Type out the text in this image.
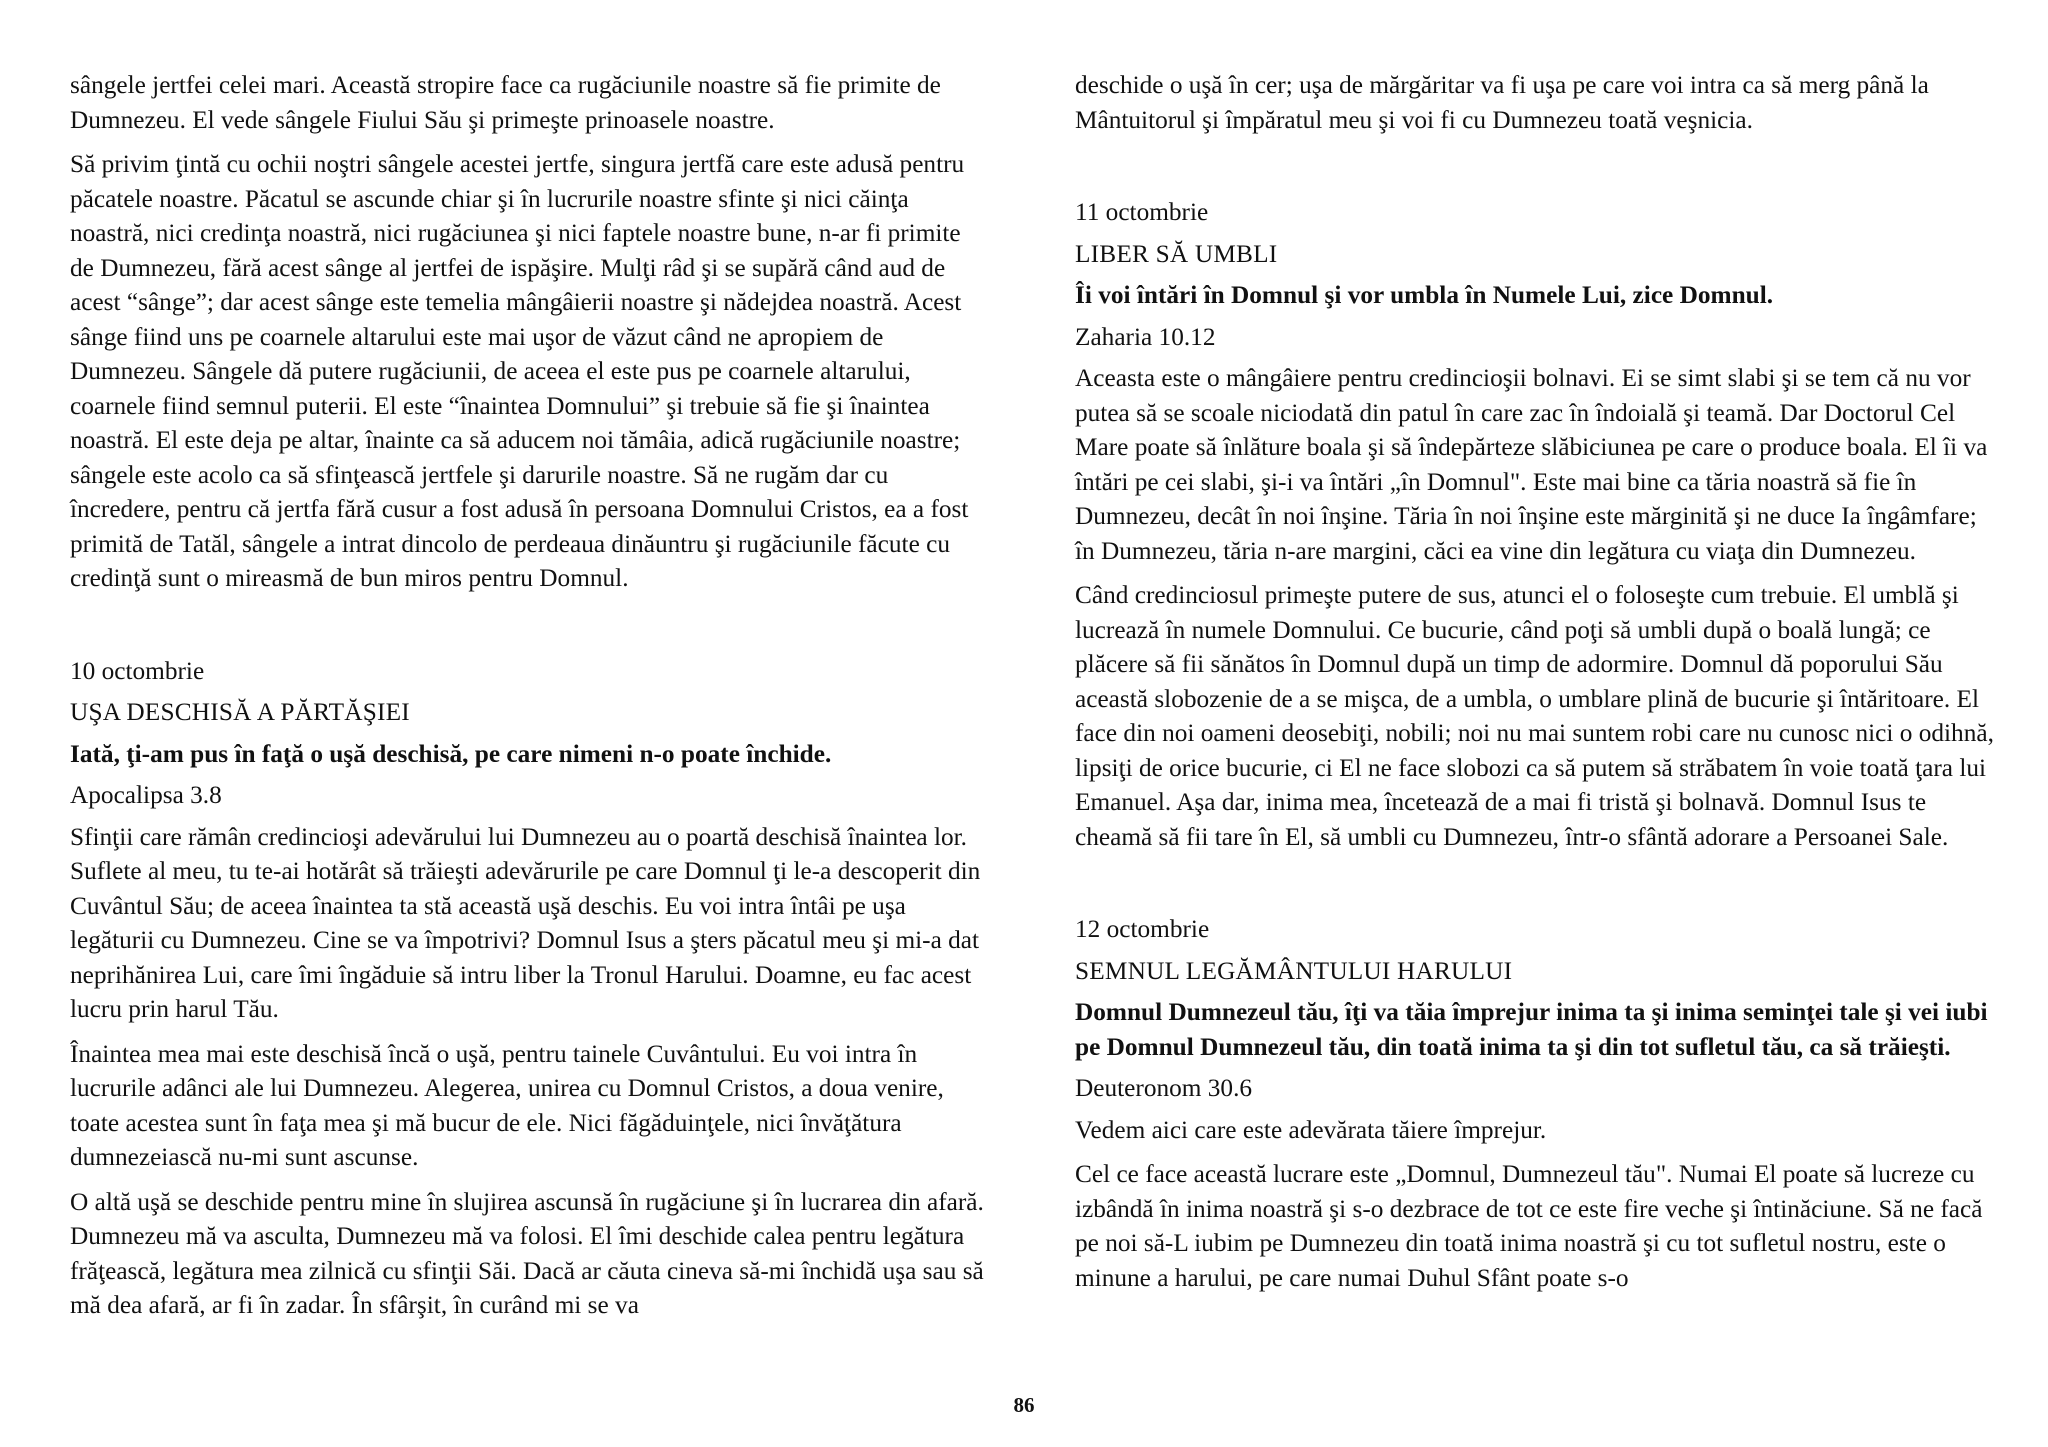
sângele jertfei celei mari. Această stropire face ca rugăciunile noastre să fie primite de Dumnezeu. El vede sângele Fiului Său şi primeşte prinoasele noastre.

Să privim ţintă cu ochii noştri sângele acestei jertfe, singura jertfă care este adusă pentru păcatele noastre. Păcatul se ascunde chiar şi în lucrurile noastre sfinte şi nici căinţa noastră, nici credinţa noastră, nici rugăciunea şi nici faptele noastre bune, n-ar fi primite de Dumnezeu, fără acest sânge al jertfei de ispăşire. Mulţi râd şi se supără când aud de acest “sânge”; dar acest sânge este temelia mângâierii noastre şi nădejdea noastră. Acest sânge fiind uns pe coarnele altarului este mai uşor de văzut când ne apropiem de Dumnezeu. Sângele dă putere rugăciunii, de aceea el este pus pe coarnele altarului, coarnele fiind semnul puterii. El este “înaintea Domnului” şi trebuie să fie şi înaintea noastră. El este deja pe altar, înainte ca să aducem noi tămâia, adică rugăciunile noastre; sângele este acolo ca să sfinţească jertfele şi darurile noastre. Să ne rugăm dar cu încredere, pentru că jertfa fără cusur a fost adusă în persoana Domnului Cristos, ea a fost primită de Tatăl, sângele a intrat dincolo de perdeaua dinăuntru şi rugăciunile făcute cu credinţă sunt o mireasmă de bun miros pentru Domnul.

10 octombrie
UŞA DESCHISĂ A PĂRTĂŞIEI
Iată, ţi-am pus în faţă o uşă deschisă, pe care nimeni n-o poate închide.
Apocalipsa 3.8

Sfinţii care rămân credincioşi adevărului lui Dumnezeu au o poartă deschisă înaintea lor. Suflete al meu, tu te-ai hotărât să trăieşti adevărurile pe care Domnul ţi le-a descoperit din Cuvântul Său; de aceea înaintea ta stă această uşă deschis. Eu voi intra întâi pe uşa legăturii cu Dumnezeu. Cine se va împotrivi? Domnul Isus a şters păcatul meu şi mi-a dat neprihănirea Lui, care îmi îngăduie să intru liber la Tronul Harului. Doamne, eu fac acest lucru prin harul Tău.

Înaintea mea mai este deschisă încă o uşă, pentru tainele Cuvântului. Eu voi intra în lucrurile adânci ale lui Dumnezeu. Alegerea, unirea cu Domnul Cristos, a doua venire, toate acestea sunt în faţa mea şi mă bucur de ele. Nici făgăduinţele, nici învăţătura dumnezeiască nu-mi sunt ascunse.

O altă uşă se deschide pentru mine în slujirea ascunsă în rugăciune şi în lucrarea din afară. Dumnezeu mă va asculta, Dumnezeu mă va folosi. El îmi deschide calea pentru legătura frăţească, legătura mea zilnică cu sfinţii Săi. Dacă ar căuta cineva să-mi închidă uşa sau să mă dea afară, ar fi în zadar. În sfârşit, în curând mi se va

deschide o uşă în cer; uşa de mărgăritar va fi uşa pe care voi intra ca să merg până la Mântuitorul şi împăratul meu şi voi fi cu Dumnezeu toată veşnicia.

11 octombrie
LIBER SĂ UMBLI
Îi voi întări în Domnul şi vor umbla în Numele Lui, zice Domnul.
Zaharia 10.12

Aceasta este o mângâiere pentru credincioşii bolnavi. Ei se simt slabi şi se tem că nu vor putea să se scoale niciodată din patul în care zac în îndoială şi teamă. Dar Doctorul Cel Mare poate să înlăture boala şi să îndepărteze slăbiciunea pe care o produce boala. El îi va întări pe cei slabi, şi-i va întări „în Domnul". Este mai bine ca tăria noastră să fie în Dumnezeu, decât în noi înşine. Tăria în noi înşine este mărginită şi ne duce Ia îngâmfare; în Dumnezeu, tăria n-are margini, căci ea vine din legătura cu viaţa din Dumnezeu.

Când credinciosul primeşte putere de sus, atunci el o foloseşte cum trebuie. El umblă şi lucrează în numele Domnului. Ce bucurie, când poţi să umbli după o boală lungă; ce plăcere să fii sănătos în Domnul după un timp de adormire. Domnul dă poporului Său această slobozenie de a se mişca, de a umbla, o umblare plină de bucurie şi întăritoare. El face din noi oameni deosebiţi, nobili; noi nu mai suntem robi care nu cunosc nici o odihnă, lipsiţi de orice bucurie, ci El ne face slobozi ca să putem să străbatem în voie toată ţara lui Emanuel. Aşa dar, inima mea, încetează de a mai fi tristă şi bolnavă. Domnul Isus te cheamă să fii tare în El, să umbli cu Dumnezeu, într-o sfântă adorare a Persoanei Sale.

12 octombrie
SEMNUL LEGĂMÂNTULUI HARULUI
Domnul Dumnezeul tău, îţi va tăia împrejur inima ta şi inima seminţei tale şi vei iubi pe Domnul Dumnezeul tău, din toată inima ta şi din tot sufletul tău, ca să trăieşti.
Deuteronom 30.6

Vedem aici care este adevărata tăiere împrejur.

Cel ce face această lucrare este „Domnul, Dumnezeul tău". Numai El poate să lucreze cu izbândă în inima noastră şi s-o dezbrace de tot ce este fire veche şi întinăciune. Să ne facă pe noi să-L iubim pe Dumnezeu din toată inima noastră şi cu tot sufletul nostru, este o minune a harului, pe care numai Duhul Sfânt poate s-o

86
